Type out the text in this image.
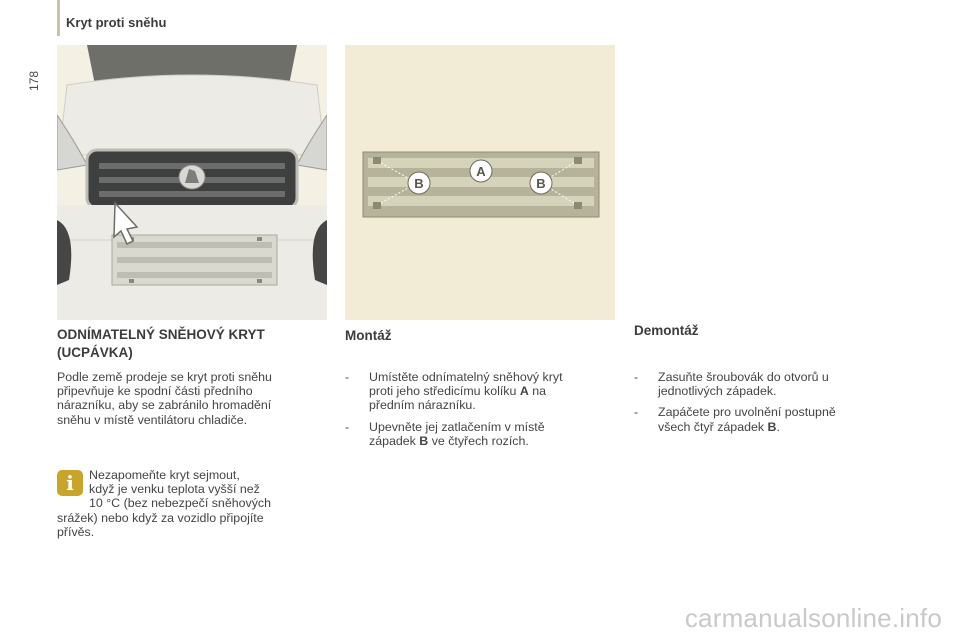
Kryt proti sněhu
178
A
B	B
ODNÍMATELNÝ SNĚHOVÝ KRYT
(UCPÁVKA)
Montáž	Demontáž
Podle země prodeje se kryt proti sněhu
připevňuje ke spodní části předního
nárazníku, aby se zabránilo hromadění
sněhu v místě ventilátoru chladiče.
i	Nezapomeňte kryt sejmout,
když je venku teplota vyšší než
10 °C (bez nebezpečí sněhových
srážek) nebo když za vozidlo připojíte
přívěs.
- Umístěte odnímatelný sněhový kryt
proti jeho středicímu kolíku A na
předním nárazníku.
- Upevněte jej zatlačením v místě
západek B ve čtyřech rozích.
- Zasuňte šroubovák do otvorů u
jednotlivých západek.
- Zapáčete pro uvolnění postupně
všech čtyř západek B.
carmanualsonline.info
